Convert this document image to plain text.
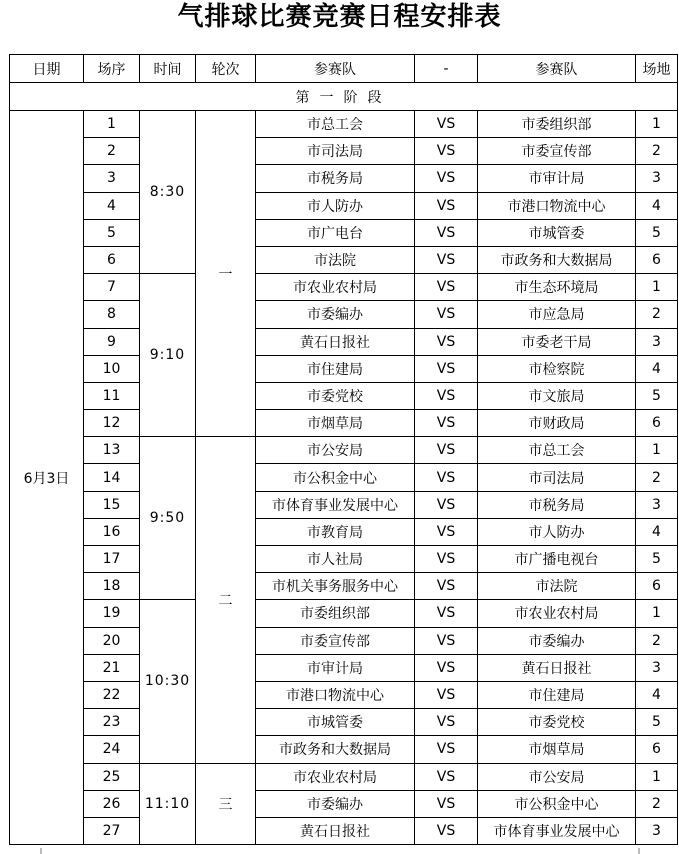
气排球比赛竞赛日程安排表
日期	场序	时间	轮次	参赛队	-	参赛队	场地
第一阶段							
6月3日	1	8:30	一	市总工会	VS	市委组织部	1
	2			市司法局	VS	市委宣传部	2
	3			市税务局	VS	市审计局	3
	4			市人防办	VS	市港口物流中心	4
	5			市广电台	VS	市城管委	5
	6			市法院	VS	市政务和大数据局	6
	7	9:10		市农业农村局	VS	市生态环境局	1
	8			市委编办	VS	市应急局	2
	9			黄石日报社	VS	市委老干局	3
	10			市住建局	VS	市检察院	4
	11			市委党校	VS	市文旅局	5
	12			市烟草局	VS	市财政局	6
	13	9:50	二	市公安局	VS	市总工会	1
	14			市公积金中心	VS	市司法局	2
	15			市体育事业发展中心	VS	市税务局	3
	16			市教育局	VS	市人防办	4
	17			市人社局	VS	市广播电视台	5
	18			市机关事务服务中心	VS	市法院	6
	19	10:30		市委组织部	VS	市农业农村局	1
	20			市委宣传部	VS	市委编办	2
	21			市审计局	VS	黄石日报社	3
	22			市港口物流中心	VS	市住建局	4
	23			市城管委	VS	市委党校	5
	24			市政务和大数据局	VS	市烟草局	6
	25	11:10	三	市农业农村局	VS	市公安局	1
	26			市委编办	VS	市公积金中心	2
	27			黄石日报社	VS	市体育事业发展中心	3
